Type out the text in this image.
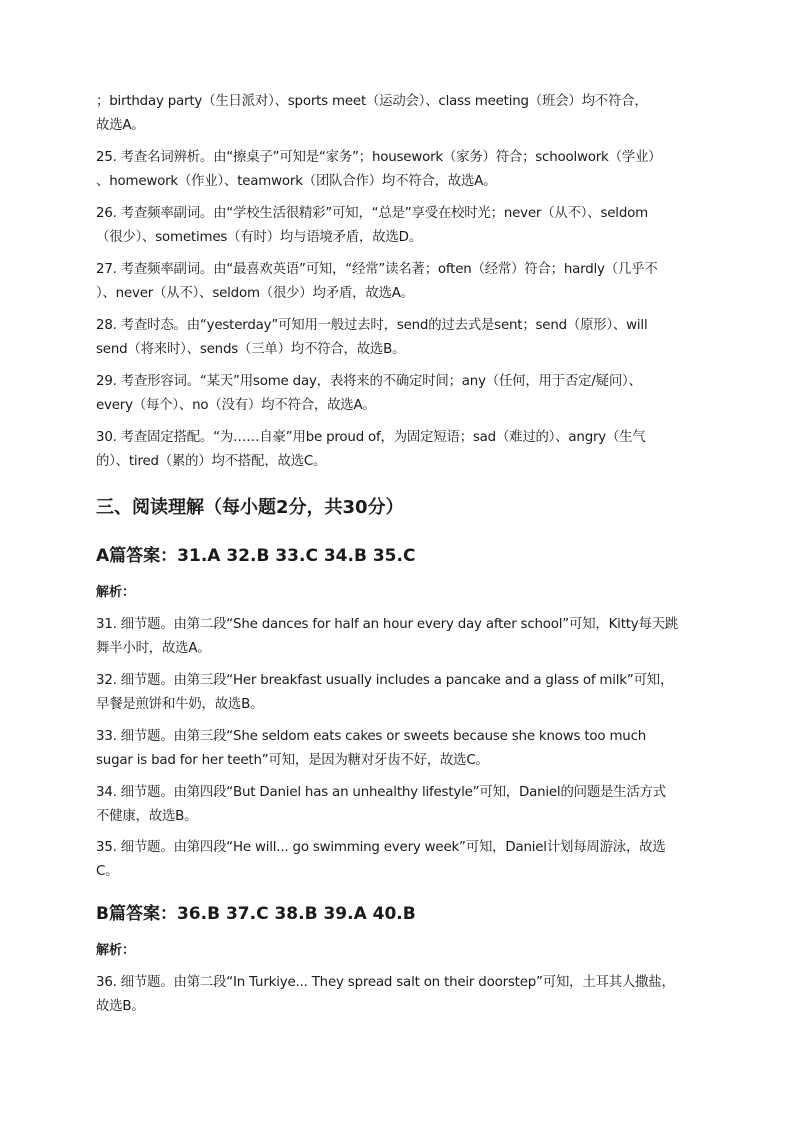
；birthday party（生日派对）、sports meet（运动会）、class meeting（班会）均不符合，
故选A。

25. 考查名词辨析。由“擦桌子”可知是“家务”；housework（家务）符合；schoolwork（学业）
、homework（作业）、teamwork（团队合作）均不符合，故选A。

26. 考查频率副词。由“学校生活很精彩”可知，“总是”享受在校时光；never（从不）、seldom
（很少）、sometimes（有时）均与语境矛盾，故选D。

27. 考查频率副词。由“最喜欢英语”可知，“经常”读名著；often（经常）符合；hardly（几乎不
）、never（从不）、seldom（很少）均矛盾，故选A。

28. 考查时态。由“yesterday”可知用一般过去时，send的过去式是sent；send（原形）、will
send（将来时）、sends（三单）均不符合，故选B。

29. 考查形容词。“某天”用some day，表将来的不确定时间；any（任何，用于否定/疑问）、
every（每个）、no（没有）均不符合，故选A。

30. 考查固定搭配。“为……自豪”用be proud of，为固定短语；sad（难过的）、angry（生气
的）、tired（累的）均不搭配，故选C。

三、阅读理解（每小题2分，共30分）
A篇答案：31.A 32.B 33.C 34.B 35.C

解析：

31. 细节题。由第二段“She dances for half an hour every day after school”可知，Kitty每天跳
舞半小时，故选A。

32. 细节题。由第三段“Her breakfast usually includes a pancake and a glass of milk”可知，
早餐是煎饼和牛奶，故选B。

33. 细节题。由第三段“She seldom eats cakes or sweets because she knows too much
sugar is bad for her teeth”可知，是因为糖对牙齿不好，故选C。

34. 细节题。由第四段“But Daniel has an unhealthy lifestyle”可知，Daniel的问题是生活方式
不健康，故选B。

35. 细节题。由第四段“He will... go swimming every week”可知，Daniel计划每周游泳，故选
C。

B篇答案：36.B 37.C 38.B 39.A 40.B

解析：

36. 细节题。由第二段“In Turkiye... They spread salt on their doorstep”可知，土耳其人撒盐，
故选B。
